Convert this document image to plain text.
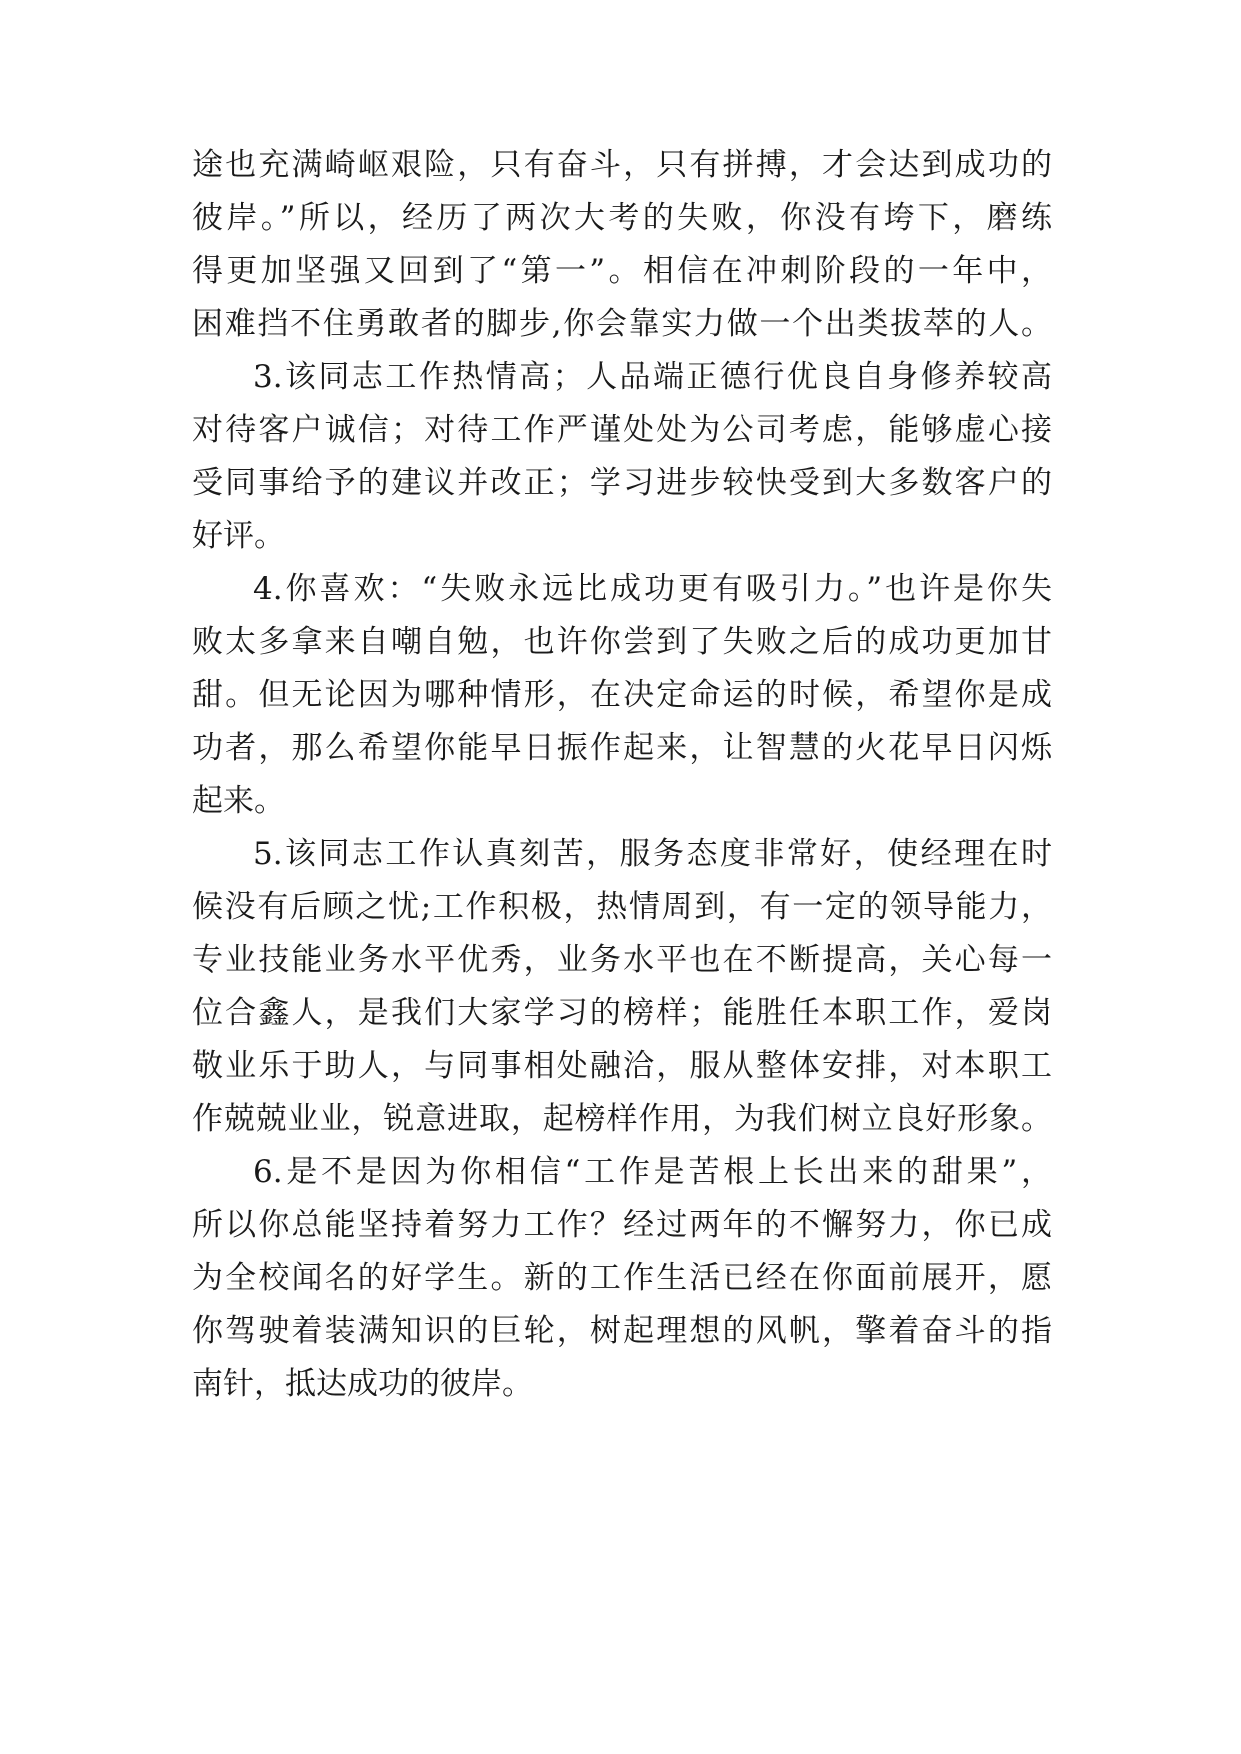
途也充满崎岖艰险，只有奋斗，只有拼搏，才会达到成功的
彼岸。”所以，经历了两次大考的失败，你没有垮下，磨练
得更加坚强又回到了“第一”。相信在冲刺阶段的一年中，
困难挡不住勇敢者的脚步,你会靠实力做一个出类拔萃的人。
3.该同志工作热情高；人品端正德行优良自身修养较高
对待客户诚信；对待工作严谨处处为公司考虑，能够虚心接
受同事给予的建议并改正；学习进步较快受到大多数客户的
好评。
4.你喜欢：“失败永远比成功更有吸引力。”也许是你失
败太多拿来自嘲自勉，也许你尝到了失败之后的成功更加甘
甜。但无论因为哪种情形，在决定命运的时候，希望你是成
功者，那么希望你能早日振作起来，让智慧的火花早日闪烁
起来。
5.该同志工作认真刻苦，服务态度非常好，使经理在时
候没有后顾之忧;工作积极，热情周到，有一定的领导能力，
专业技能业务水平优秀，业务水平也在不断提高，关心每一
位合鑫人，是我们大家学习的榜样；能胜任本职工作，爱岗
敬业乐于助人，与同事相处融洽，服从整体安排，对本职工
作兢兢业业，锐意进取，起榜样作用，为我们树立良好形象。
6.是不是因为你相信“工作是苦根上长出来的甜果”，
所以你总能坚持着努力工作？经过两年的不懈努力，你已成
为全校闻名的好学生。新的工作生活已经在你面前展开，愿
你驾驶着装满知识的巨轮，树起理想的风帆，擎着奋斗的指
南针，抵达成功的彼岸。
